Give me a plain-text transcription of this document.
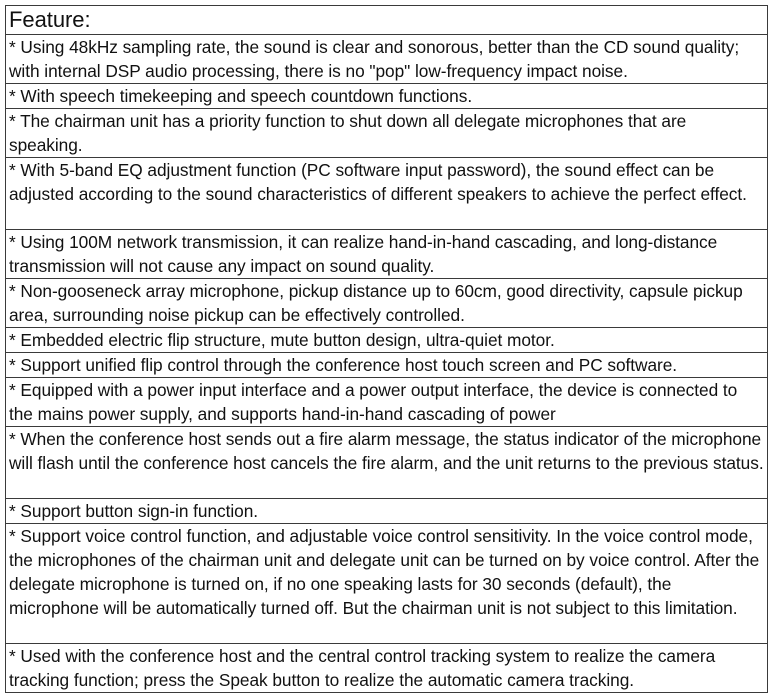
Feature:
* Using 48kHz sampling rate, the sound is clear and sonorous, better than the CD sound quality; with internal DSP audio processing, there is no "pop" low-frequency impact noise.
* With speech timekeeping and speech countdown functions.
* The chairman unit has a priority function to shut down all delegate microphones that are speaking.
* With 5-band EQ adjustment function (PC software input password), the sound effect can be adjusted according to the sound characteristics of different speakers to achieve the perfect effect.
* Using 100M network transmission, it can realize hand-in-hand cascading, and long-distance transmission will not cause any impact on sound quality.
* Non-gooseneck array microphone, pickup distance up to 60cm, good directivity, capsule pickup area, surrounding noise pickup can be effectively controlled.
* Embedded electric flip structure, mute button design, ultra-quiet motor.
* Support unified flip control through the conference host touch screen and PC software.
* Equipped with a power input interface and a power output interface, the device is connected to the mains power supply, and supports hand-in-hand cascading of power
* When the conference host sends out a fire alarm message, the status indicator of the microphone will flash until the conference host cancels the fire alarm, and the unit returns to the previous status.
* Support button sign-in function.
* Support voice control function, and adjustable voice control sensitivity. In the voice control mode, the microphones of the chairman unit and delegate unit can be turned on by voice control. After the delegate microphone is turned on, if no one speaking lasts for 30 seconds (default), the microphone will be automatically turned off. But the chairman unit is not subject to this limitation.
* Used with the conference host and the central control tracking system to realize the camera tracking function; press the Speak button to realize the automatic camera tracking.
